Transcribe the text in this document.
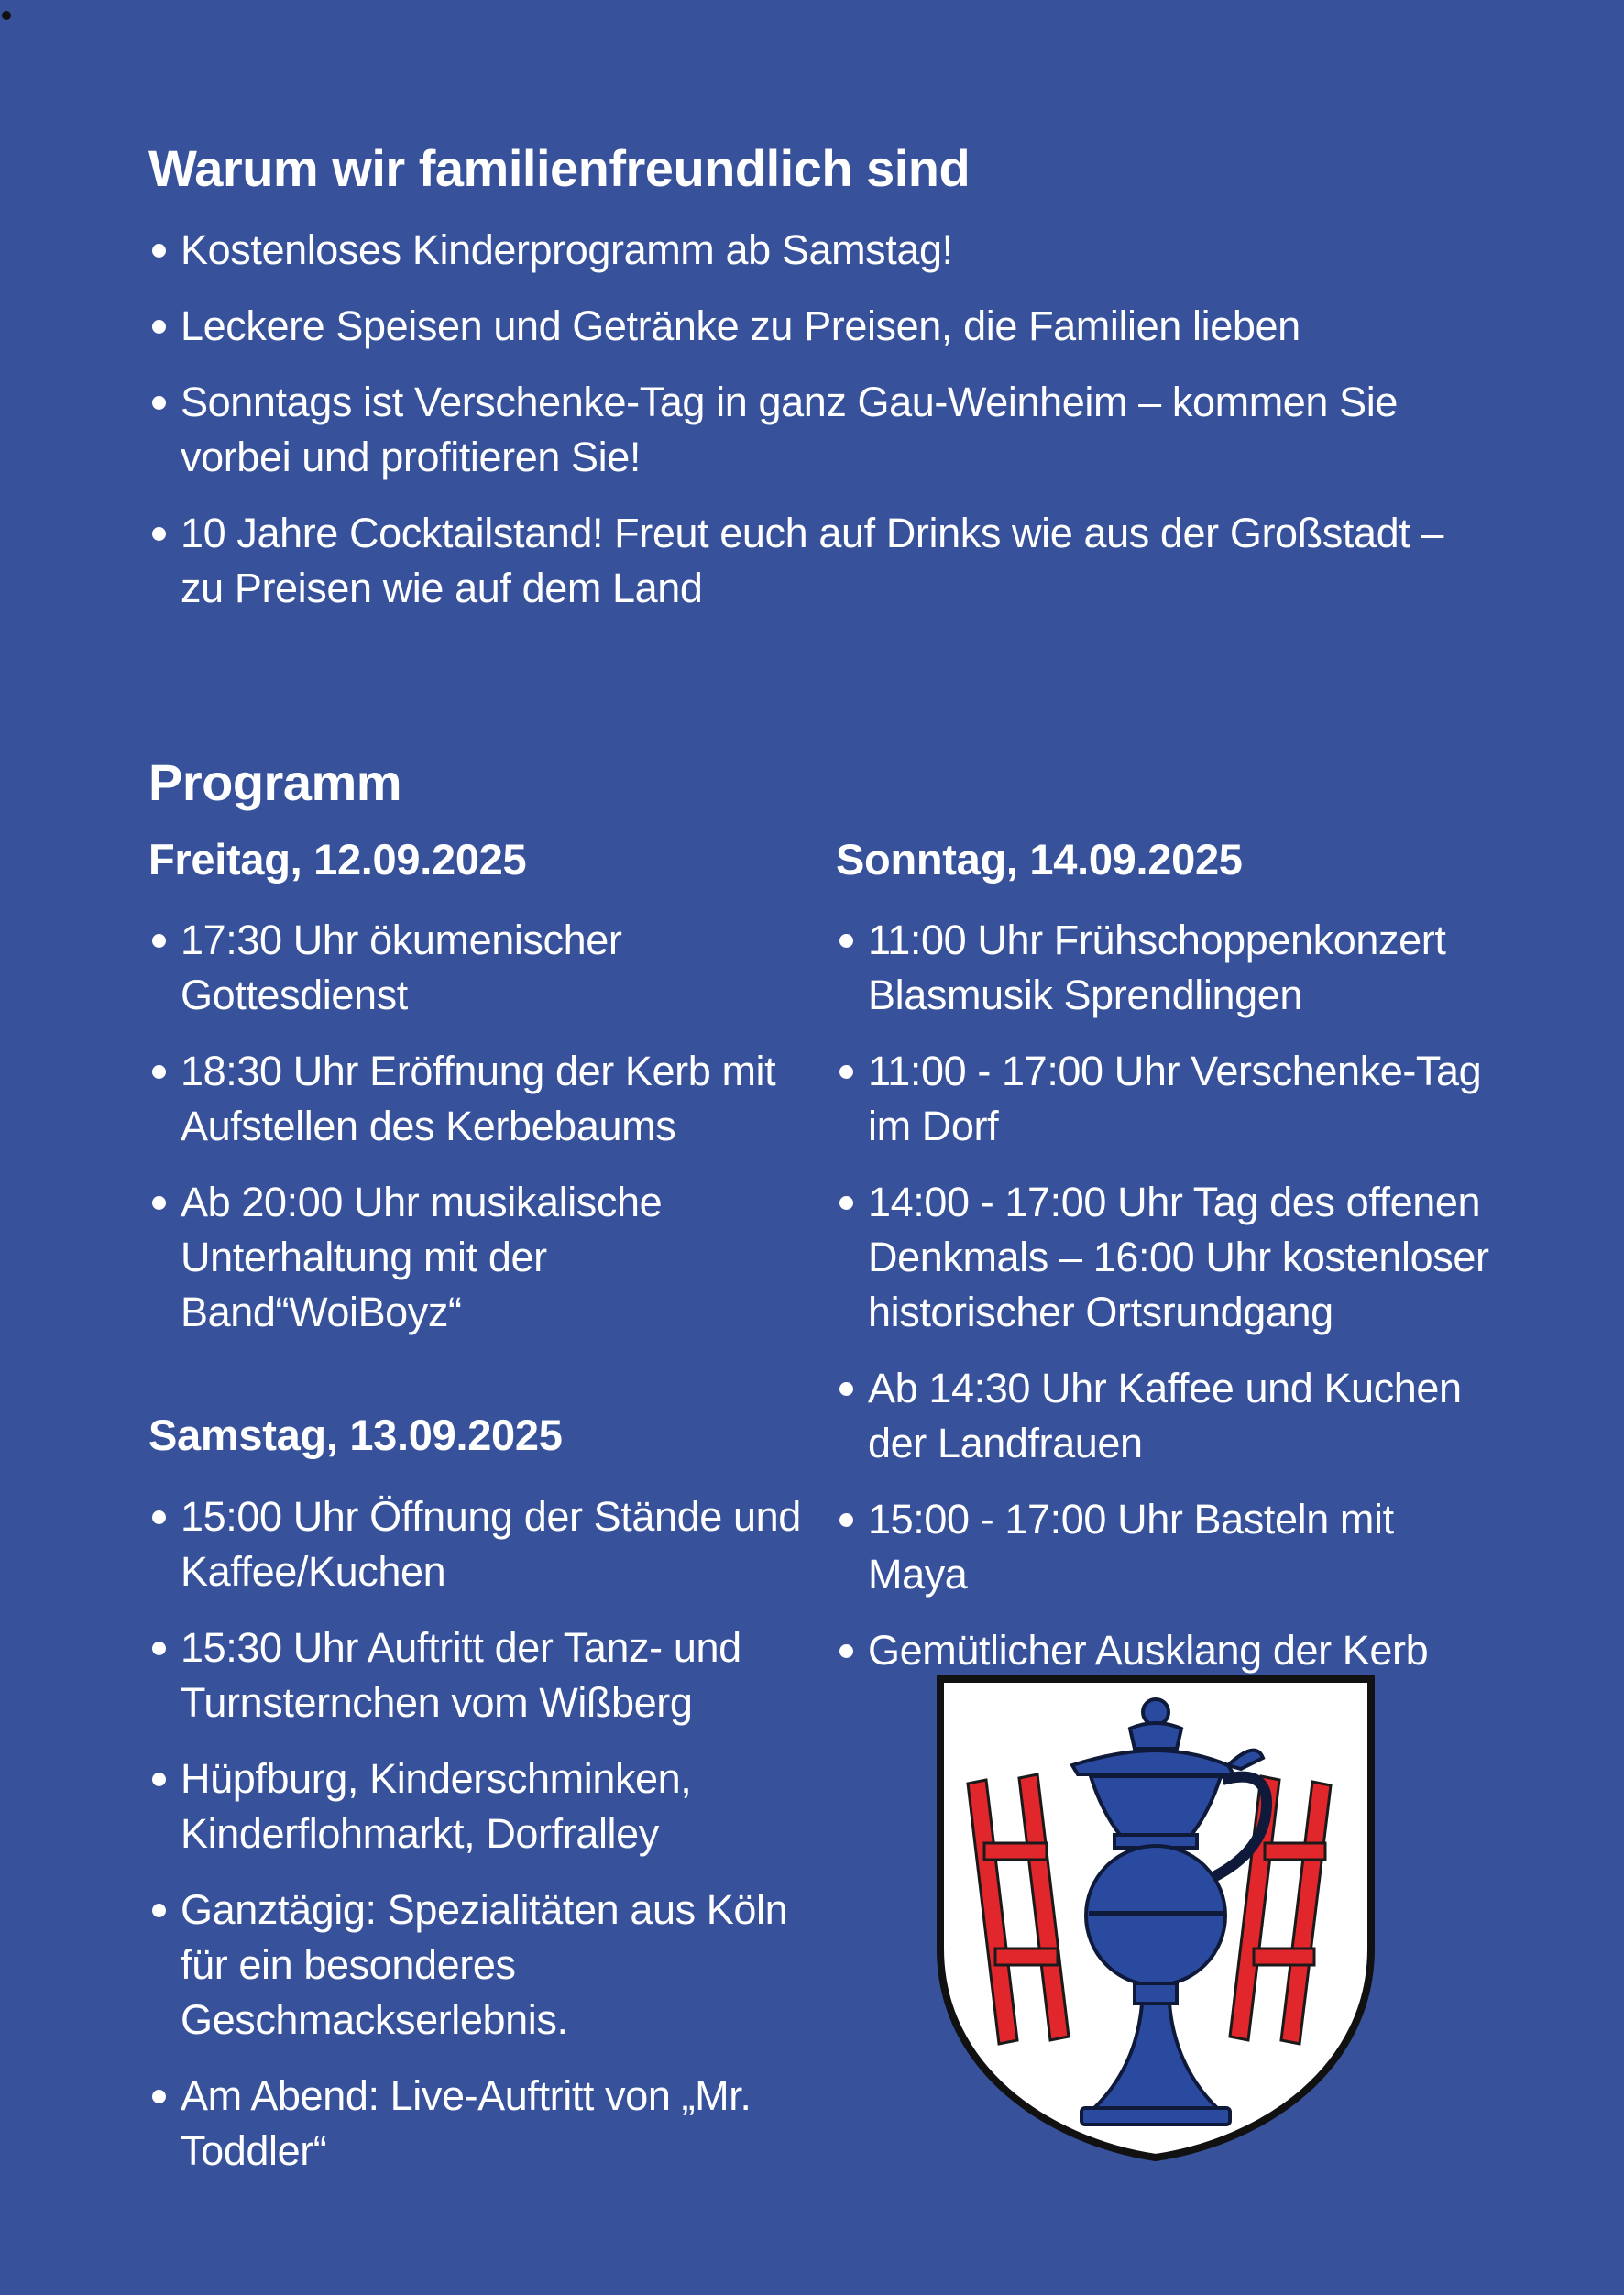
Warum wir familienfreundlich sind
Kostenloses Kinderprogramm ab Samstag!
Leckere Speisen und Getränke zu Preisen, die Familien lieben
Sonntags ist Verschenke-Tag in ganz Gau-Weinheim – kommen Sie vorbei und profitieren Sie!
10 Jahre Cocktailstand! Freut euch auf Drinks wie aus der Großstadt – zu Preisen wie auf dem Land
Programm
Freitag, 12.09.2025
17:30 Uhr ökumenischer Gottesdienst
18:30 Uhr Eröffnung der Kerb mit Aufstellen des Kerbebaums
Ab 20:00 Uhr musikalische Unterhaltung mit der Band“WoiBoyz“
Samstag, 13.09.2025
15:00 Uhr Öffnung der Stände und Kaffee/Kuchen
15:30 Uhr Auftritt der Tanz- und Turnsternchen vom Wißberg
Hüpfburg, Kinderschminken, Kinderflohmarkt, Dorfralley
Ganztägig: Spezialitäten aus Köln für ein besonderes Geschmackserlebnis.
Am Abend: Live-Auftritt von „Mr. Toddler“
Sonntag, 14.09.2025
11:00 Uhr Frühschoppenkonzert Blasmusik Sprendlingen
11:00 - 17:00 Uhr Verschenke-Tag im Dorf
14:00 - 17:00 Uhr Tag des offenen Denkmals – 16:00 Uhr kostenloser historischer Ortsrundgang
Ab 14:30 Uhr Kaffee und Kuchen der Landfrauen
15:00 - 17:00 Uhr Basteln mit Maya
Gemütlicher Ausklang der Kerb
